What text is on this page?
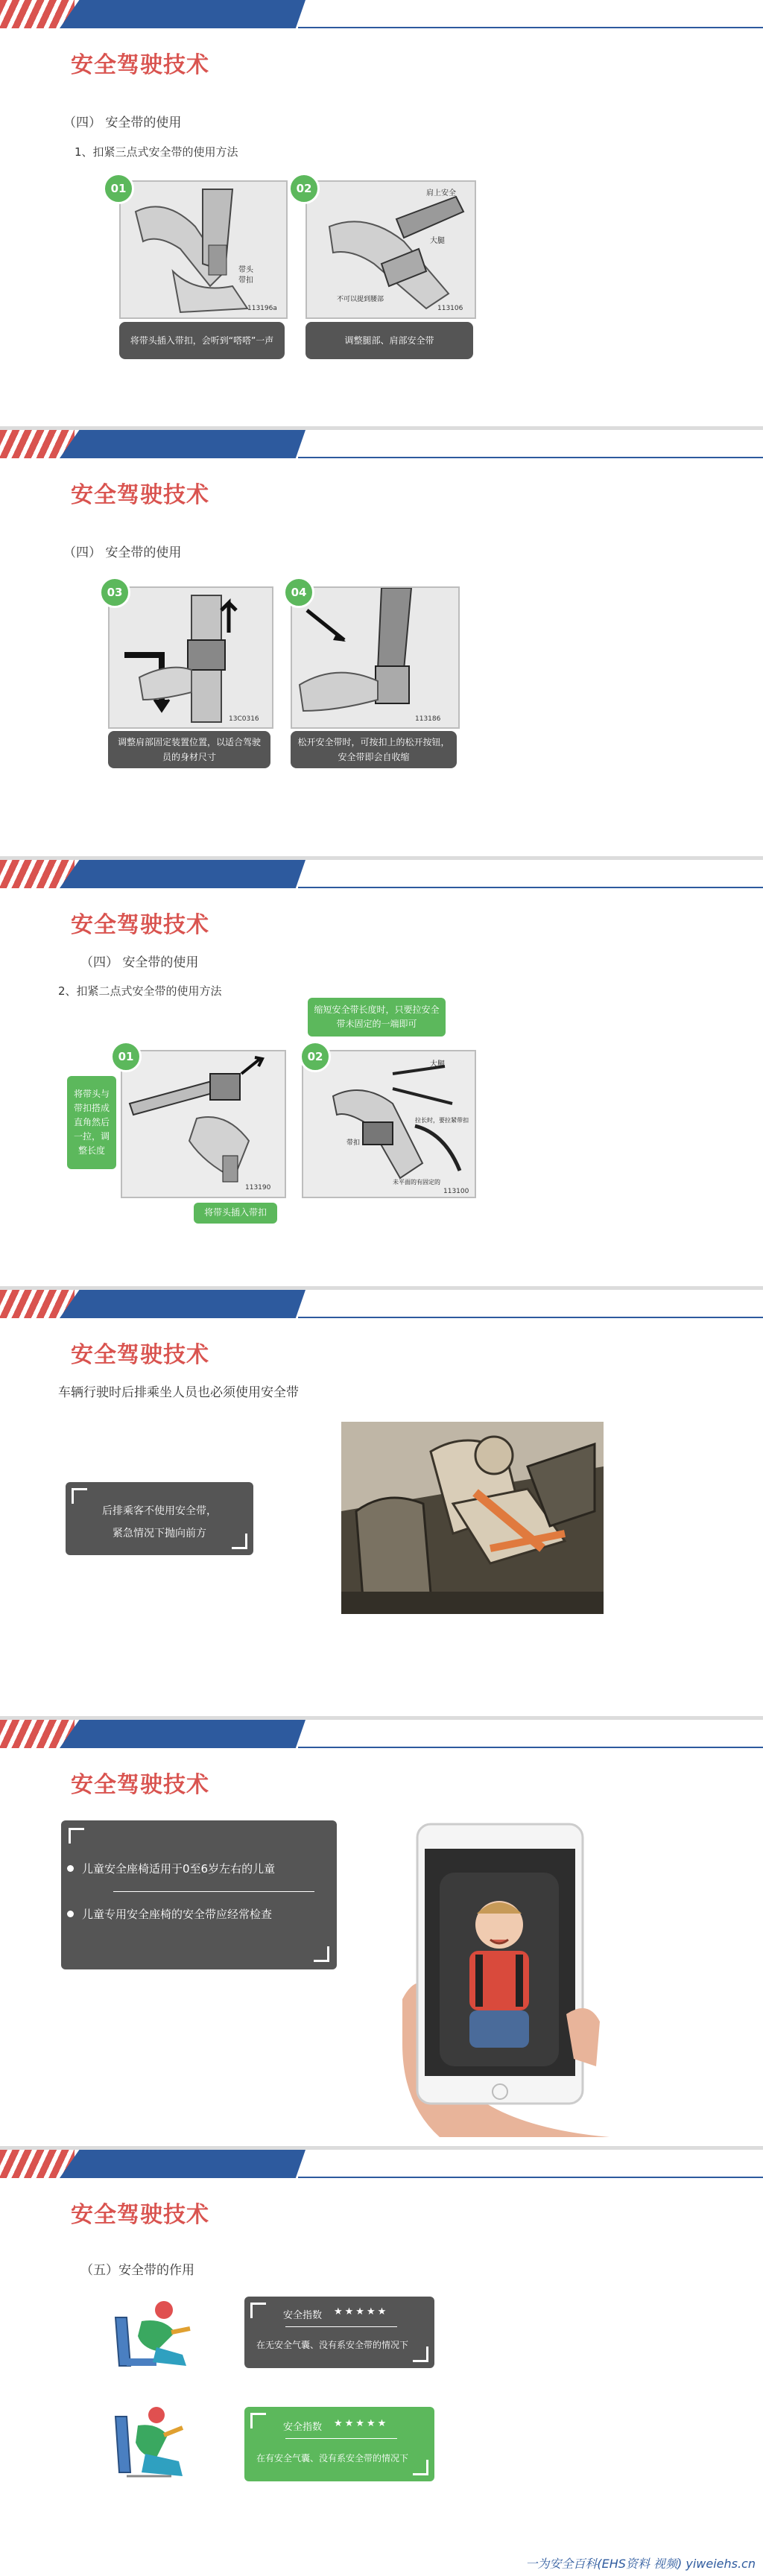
安全驾驶技术
（四） 安全带的使用
1、扣紧三点式安全带的使用方法
带头
带扣
113196a
01
将带头插入带扣，会听到“嗒嗒”一声
肩上安全
大腿
不可以提到腰部
113106
02
调整腿部、肩部安全带
安全驾驶技术
（四） 安全带的使用
13C0316
03
调整肩部固定装置位置，以适合驾驶员的身材尺寸
113186
04
松开安全带时，可按扣上的松开按钮，安全带即会自收缩
安全驾驶技术
（四） 安全带的使用
2、扣紧二点式安全带的使用方法
缩短安全带长度时，只要拉安全带未固定的一端即可
将带头与带扣搭成直角然后一拉，调整长度
113190
01
将带头插入带扣
大腿
带扣
拉长时，要拉紧带扣
未平面的有固定的
113100
02
安全驾驶技术
车辆行驶时后排乘坐人员也必须使用安全带
后排乘客不使用安全带，
紧急情况下抛向前方
安全驾驶技术
儿童安全座椅适用于0至6岁左右的儿童
儿童专用安全座椅的安全带应经常检查
安全驾驶技术
（五）安全带的作用
安全指数 ★★★★★
在无安全气囊、没有系安全带的情况下
安全指数 ★★★★★
在有安全气囊、没有系安全带的情况下
一为安全百科(EHS资料 视频) yiweiehs.cn
